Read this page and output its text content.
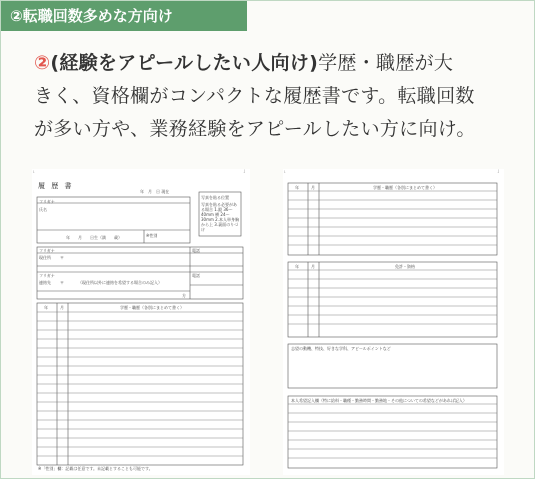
②転職回数多めな方向け
②(経験をアピールしたい人向け)学歴・職歴が大
きく、資格欄がコンパクトな履歴書です。転職回数
が多い方や、業務経験をアピールしたい方に向け。
˪	˩
履 歴 書
年　月　日 現在
写真を貼る位置
写真を貼る必要がある場合 1.縦 36〜40mm 横 24〜30mm 2.本人単身胸から上 3.裏面のりづけ
フリガナ
氏名
年　　月　　日生（満　　歳）	※性別
フリガナ
現住所 〒
電話
フリガナ
連絡先 〒	（現住所以外に連絡を希望する場合のみ記入）
電話
方
年	月	学歴・職歴（各別にまとめて書く）
※「性別」欄：記載は任意です。未記載とすることも可能です。
˪	˩
年	月	学歴・職歴（各別にまとめて書く）
年	月	免許・資格
志望の動機、特技、好きな学科、アピールポイントなど
本人希望記入欄（特に給料・職種・勤務時間・勤務地・その他についての希望などがあれば記入）
